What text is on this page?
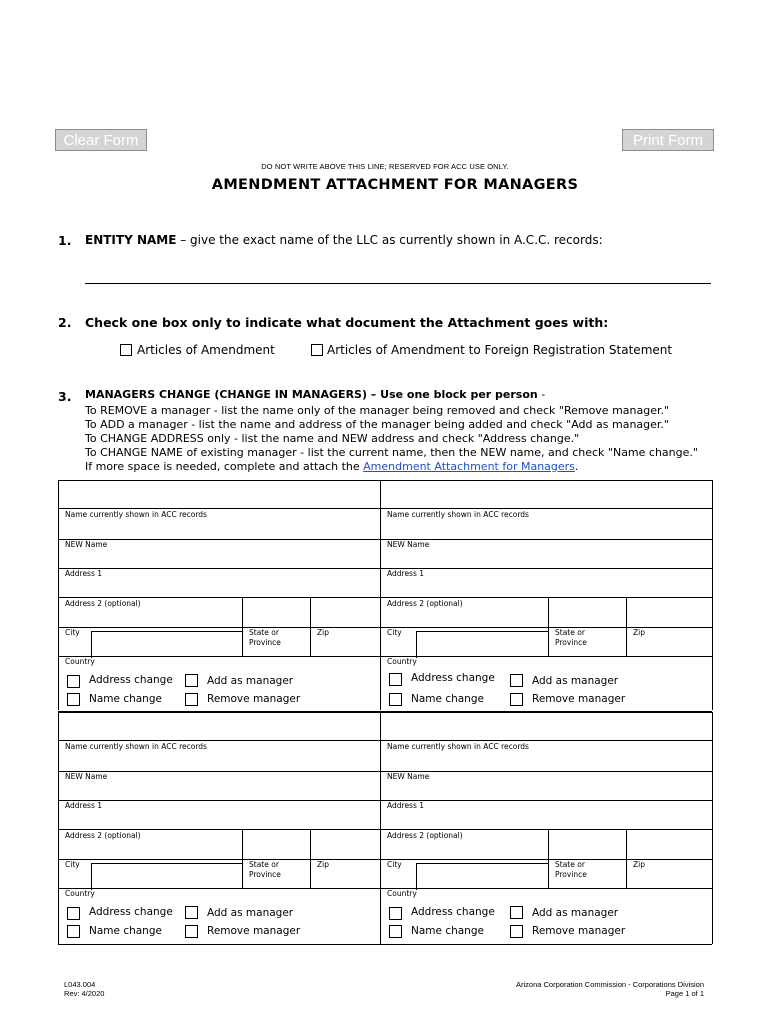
Clear Form	Print Form
DO NOT WRITE ABOVE THIS LINE; RESERVED FOR ACC USE ONLY.
AMENDMENT ATTACHMENT FOR MANAGERS
1. ENTITY NAME – give the exact name of the LLC as currently shown in A.C.C. records:
2. Check one box only to indicate what document the Attachment goes with:
Articles of Amendment	Articles of Amendment to Foreign Registration Statement
3. MANAGERS CHANGE (CHANGE IN MANAGERS) – Use one block per person -
To REMOVE a manager - list the name only of the manager being removed and check "Remove manager."
To ADD a manager - list the name and address of the manager being added and check "Add as manager."
To CHANGE ADDRESS only - list the name and NEW address and check "Address change."
To CHANGE NAME of existing manager - list the current name, then the NEW name, and check "Name change."
If more space is needed, complete and attach the Amendment Attachment for Managers.
Name currently shown in ACC records
NEW Name
Address 1
Address 2 (optional)
City	State or
Province
Zip
Country
Address change	Add as manager
Name change	Remove manager
Name currently shown in ACC records
NEW Name
Address 1
Address 2 (optional)
City	State or
Province
Zip
Country
Address change	Add as manager
Name change	Remove manager
Name currently shown in ACC records
NEW Name
Address 1
Address 2 (optional)
City	State or
Province
Zip
Country
Address change	Add as manager
Name change	Remove manager
Name currently shown in ACC records
NEW Name
Address 1
Address 2 (optional)
City	State or
Province
Zip
Country
Address change	Add as manager
Name change	Remove manager
L043.004
Rev: 4/2020
Arizona Corporation Commission - Corporations Division
Page 1 of 1
